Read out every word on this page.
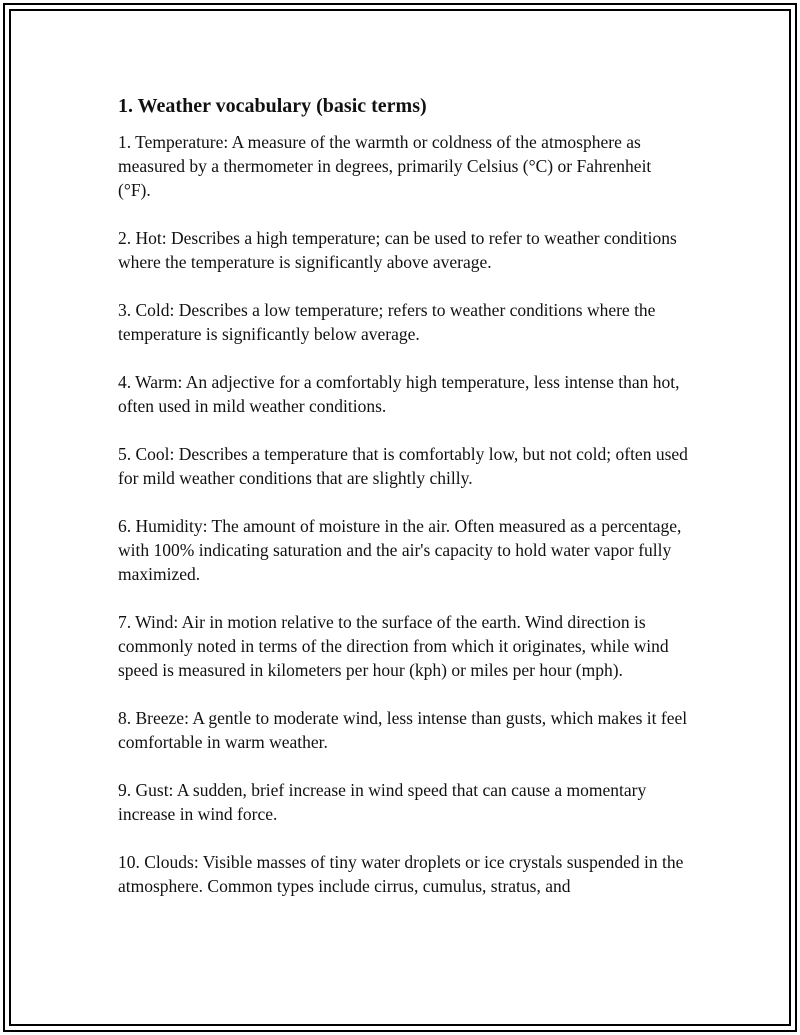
1. Weather vocabulary (basic terms)
1. Temperature: A measure of the warmth or coldness of the atmosphere as measured by a thermometer in degrees, primarily Celsius (°C) or Fahrenheit (°F).
2. Hot: Describes a high temperature; can be used to refer to weather conditions where the temperature is significantly above average.
3. Cold: Describes a low temperature; refers to weather conditions where the temperature is significantly below average.
4. Warm: An adjective for a comfortably high temperature, less intense than hot, often used in mild weather conditions.
5. Cool: Describes a temperature that is comfortably low, but not cold; often used for mild weather conditions that are slightly chilly.
6. Humidity: The amount of moisture in the air. Often measured as a percentage, with 100% indicating saturation and the air's capacity to hold water vapor fully maximized.
7. Wind: Air in motion relative to the surface of the earth. Wind direction is commonly noted in terms of the direction from which it originates, while wind speed is measured in kilometers per hour (kph) or miles per hour (mph).
8. Breeze: A gentle to moderate wind, less intense than gusts, which makes it feel comfortable in warm weather.
9. Gust: A sudden, brief increase in wind speed that can cause a momentary increase in wind force.
10. Clouds: Visible masses of tiny water droplets or ice crystals suspended in the atmosphere. Common types include cirrus, cumulus, stratus, and
